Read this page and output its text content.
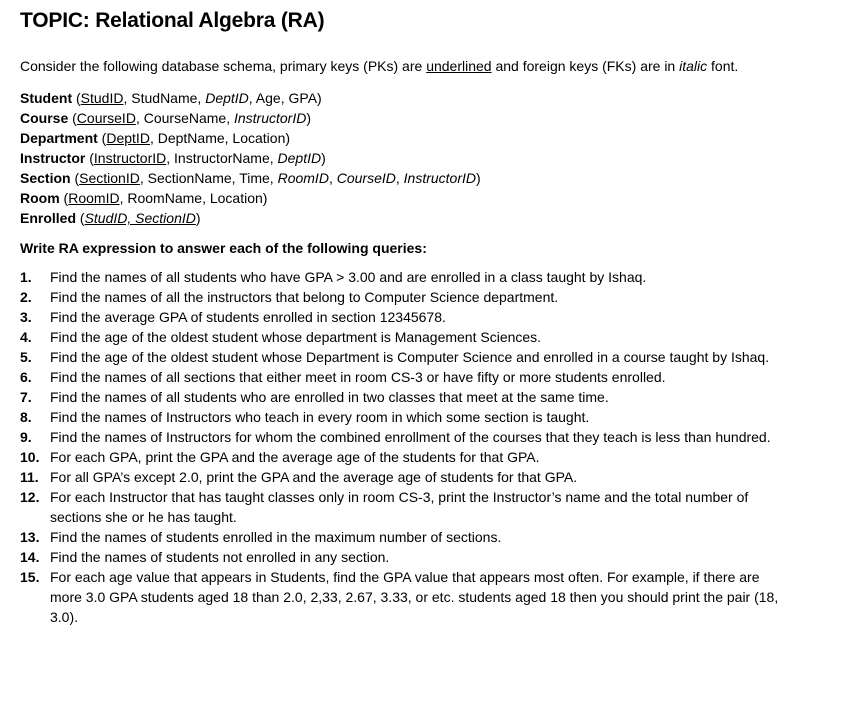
TOPIC: Relational Algebra (RA)
Consider the following database schema, primary keys (PKs) are underlined and foreign keys (FKs) are in italic font.
Student (StudID, StudName, DeptID, Age, GPA)
Course (CourseID, CourseName, InstructorID)
Department (DeptID, DeptName, Location)
Instructor (InstructorID, InstructorName, DeptID)
Section (SectionID, SectionName, Time, RoomID, CourseID, InstructorID)
Room (RoomID, RoomName, Location)
Enrolled (StudID, SectionID)
Write RA expression to answer each of the following queries:
1.	Find the names of all students who have GPA > 3.00 and are enrolled in a class taught by Ishaq.
2.	Find the names of all the instructors that belong to Computer Science department.
3.	Find the average GPA of students enrolled in section 12345678.
4.	Find the age of the oldest student whose department is Management Sciences.
5.	Find the age of the oldest student whose Department is Computer Science and enrolled in a course taught by Ishaq.
6.	Find the names of all sections that either meet in room CS-3 or have fifty or more students enrolled.
7.	Find the names of all students who are enrolled in two classes that meet at the same time.
8.	Find the names of Instructors who teach in every room in which some section is taught.
9.	Find the names of Instructors for whom the combined enrollment of the courses that they teach is less than hundred.
10. For each GPA, print the GPA and the average age of the students for that GPA.
11. For all GPA’s except 2.0, print the GPA and the average age of students for that GPA.
12. For each Instructor that has taught classes only in room CS-3, print the Instructor’s name and the total number of sections she or he has taught.
13. Find the names of students enrolled in the maximum number of sections.
14. Find the names of students not enrolled in any section.
15. For each age value that appears in Students, find the GPA value that appears most often. For example, if there are more 3.0 GPA students aged 18 than 2.0, 2,33, 2.67, 3.33, or etc. students aged 18 then you should print the pair (18, 3.0).
